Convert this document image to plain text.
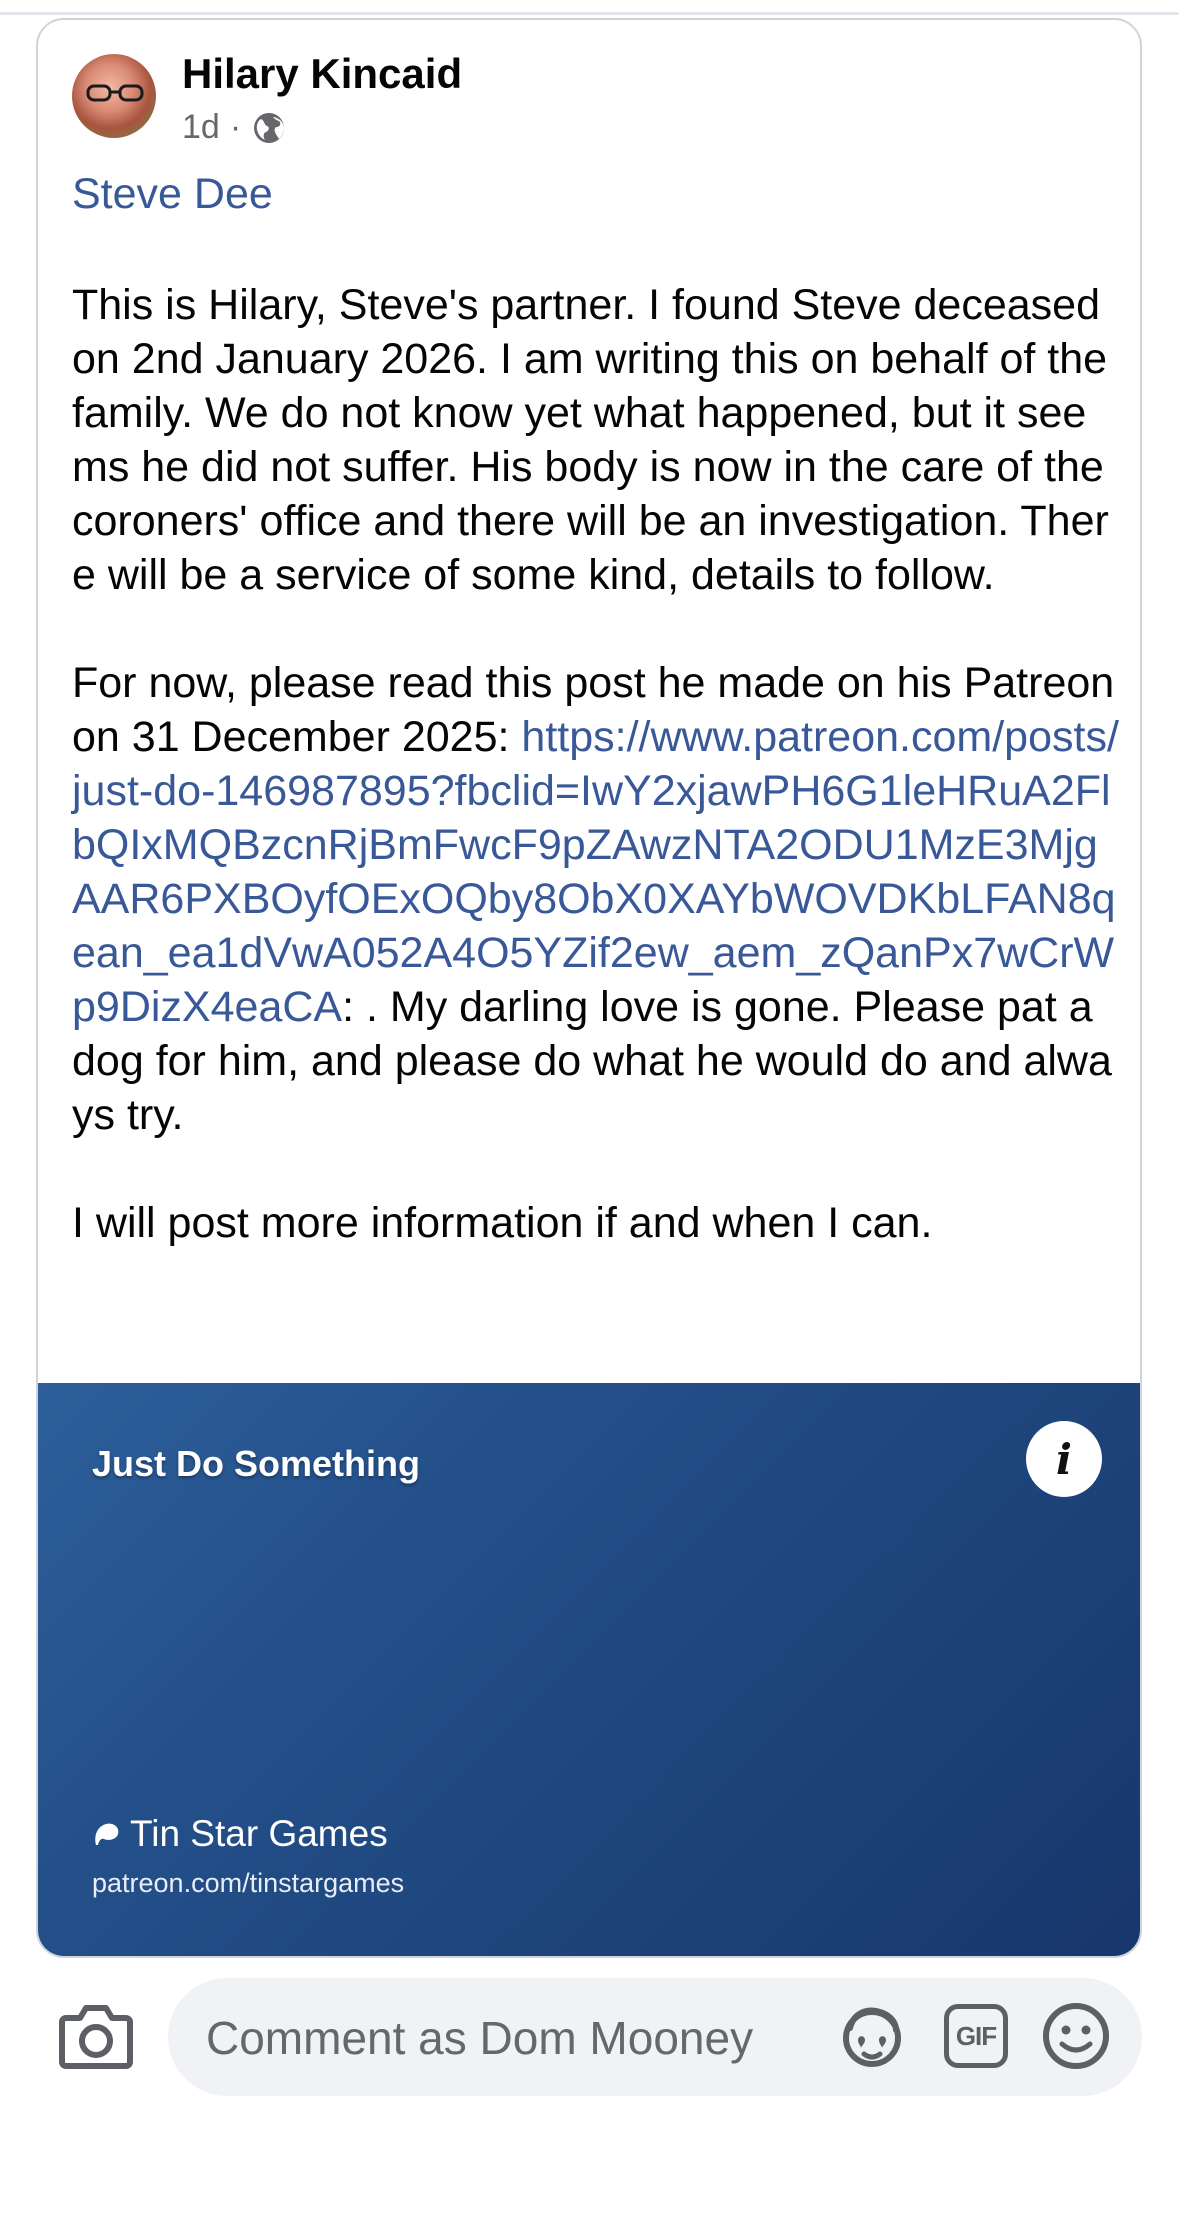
Hilary Kincaid
1d ·
Steve Dee
This is Hilary, Steve's partner. I found Steve deceased on 2nd January 2026. I am writing this on behalf of the family. We do not know yet what happened, but it seems he did not suffer. His body is now in the care of the coroners' office and there will be an investigation. There will be a service of some kind, details to follow.
For now, please read this post he made on his Patreon on 31 December 2025: https://www.patreon.com/posts/just-do-146987895?fbclid=IwY2xjawPH6G1leHRuA2FlbQIxMQBzcnRjBmFwcF9pZAwzNTA2ODU1MzE3MjgAAR6PXBOyfOExOQby8ObX0XAYbWOVDKbLFAN8qean_ea1dVwA052A4O5YZif2ew_aem_zQanPx7wCrWp9DizX4eaCA: . My darling love is gone. Please pat a dog for him, and please do what he would do and always try.
I will post more information if and when I can.
Just Do Something	i
Tin Star Games
patreon.com/tinstargames
Comment as Dom Mooney	GIF
